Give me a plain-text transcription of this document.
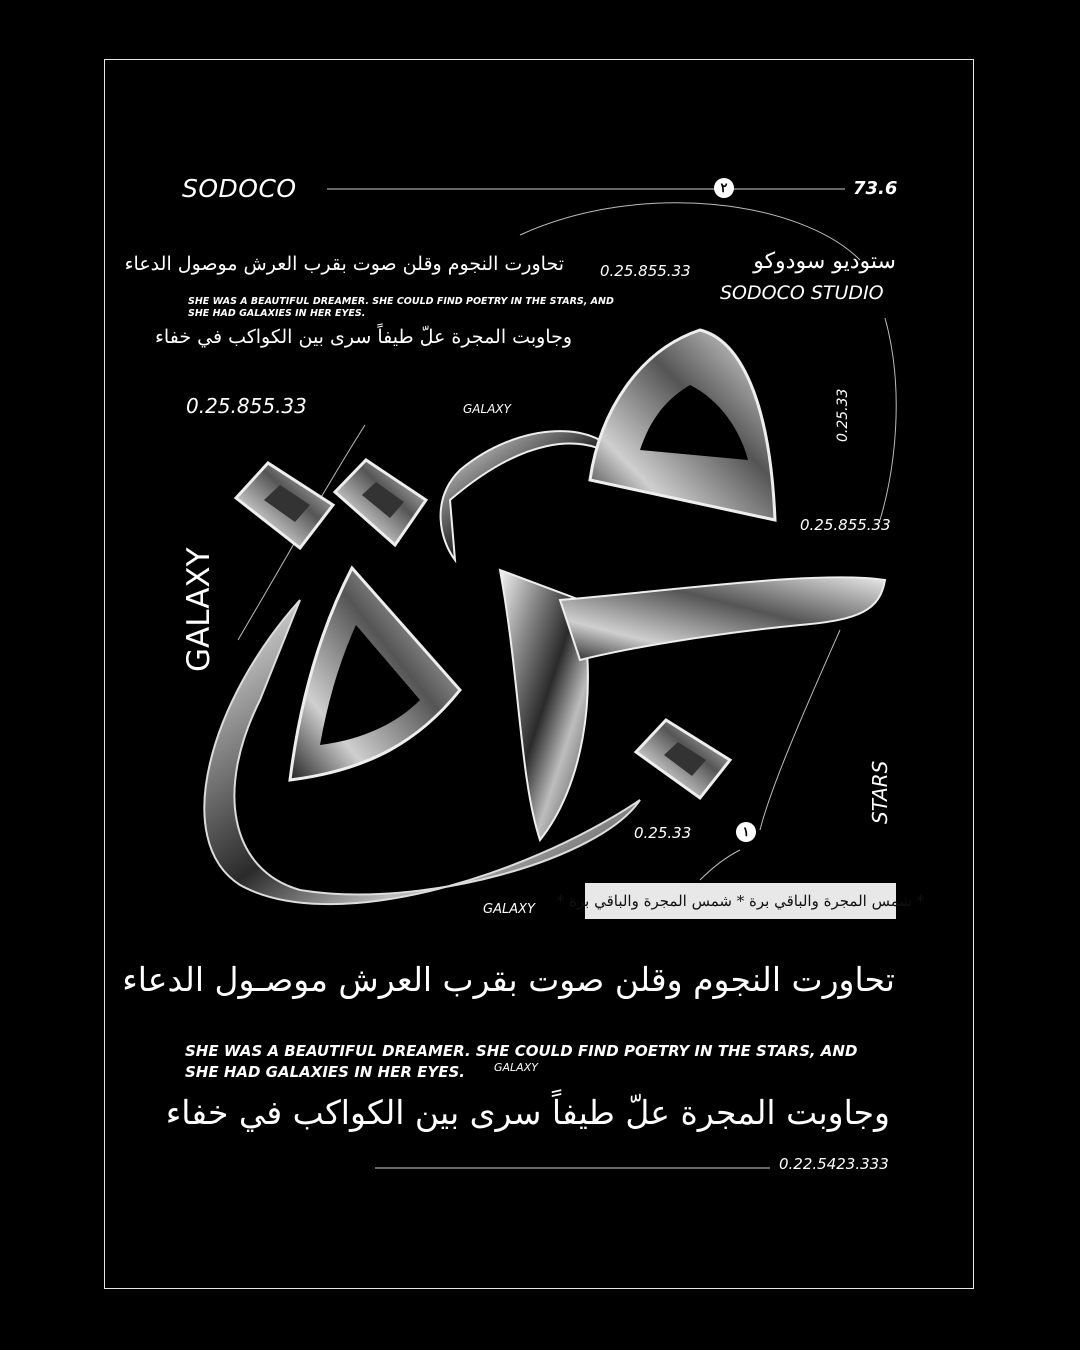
SODOCO	٢	73.6
تحاورت النجوم وقلن صوت بقرب العرش موصول الدعاء
SHE WAS A BEAUTIFUL DREAMER. SHE COULD FIND POETRY IN THE STARS, AND
SHE HAD GALAXIES IN HER EYES.
وجاوبت المجرة علّ طيفاً سرى بين الكواكب في خفاء
0.25.855.33	GALAXY
0.25.855.33	ستوديو سودوكو
SODOCO STUDIO
GALAXY
0.25.33
0.25.855.33
STARS
0.25.33	١
GALAXY * شمس المجرة والباقي برة * شمس المجرة والباقي برة *
تحاورت النجوم وقلن صوت بقرب العرش موصـول الدعاء
SHE WAS A BEAUTIFUL DREAMER. SHE COULD FIND POETRY IN THE STARS, AND
SHE HAD GALAXIES IN HER EYES.	GALAXY
وجاوبت المجرة علّ طيفاً سرى بين الكواكب في خفاء
0.22.5423.333
